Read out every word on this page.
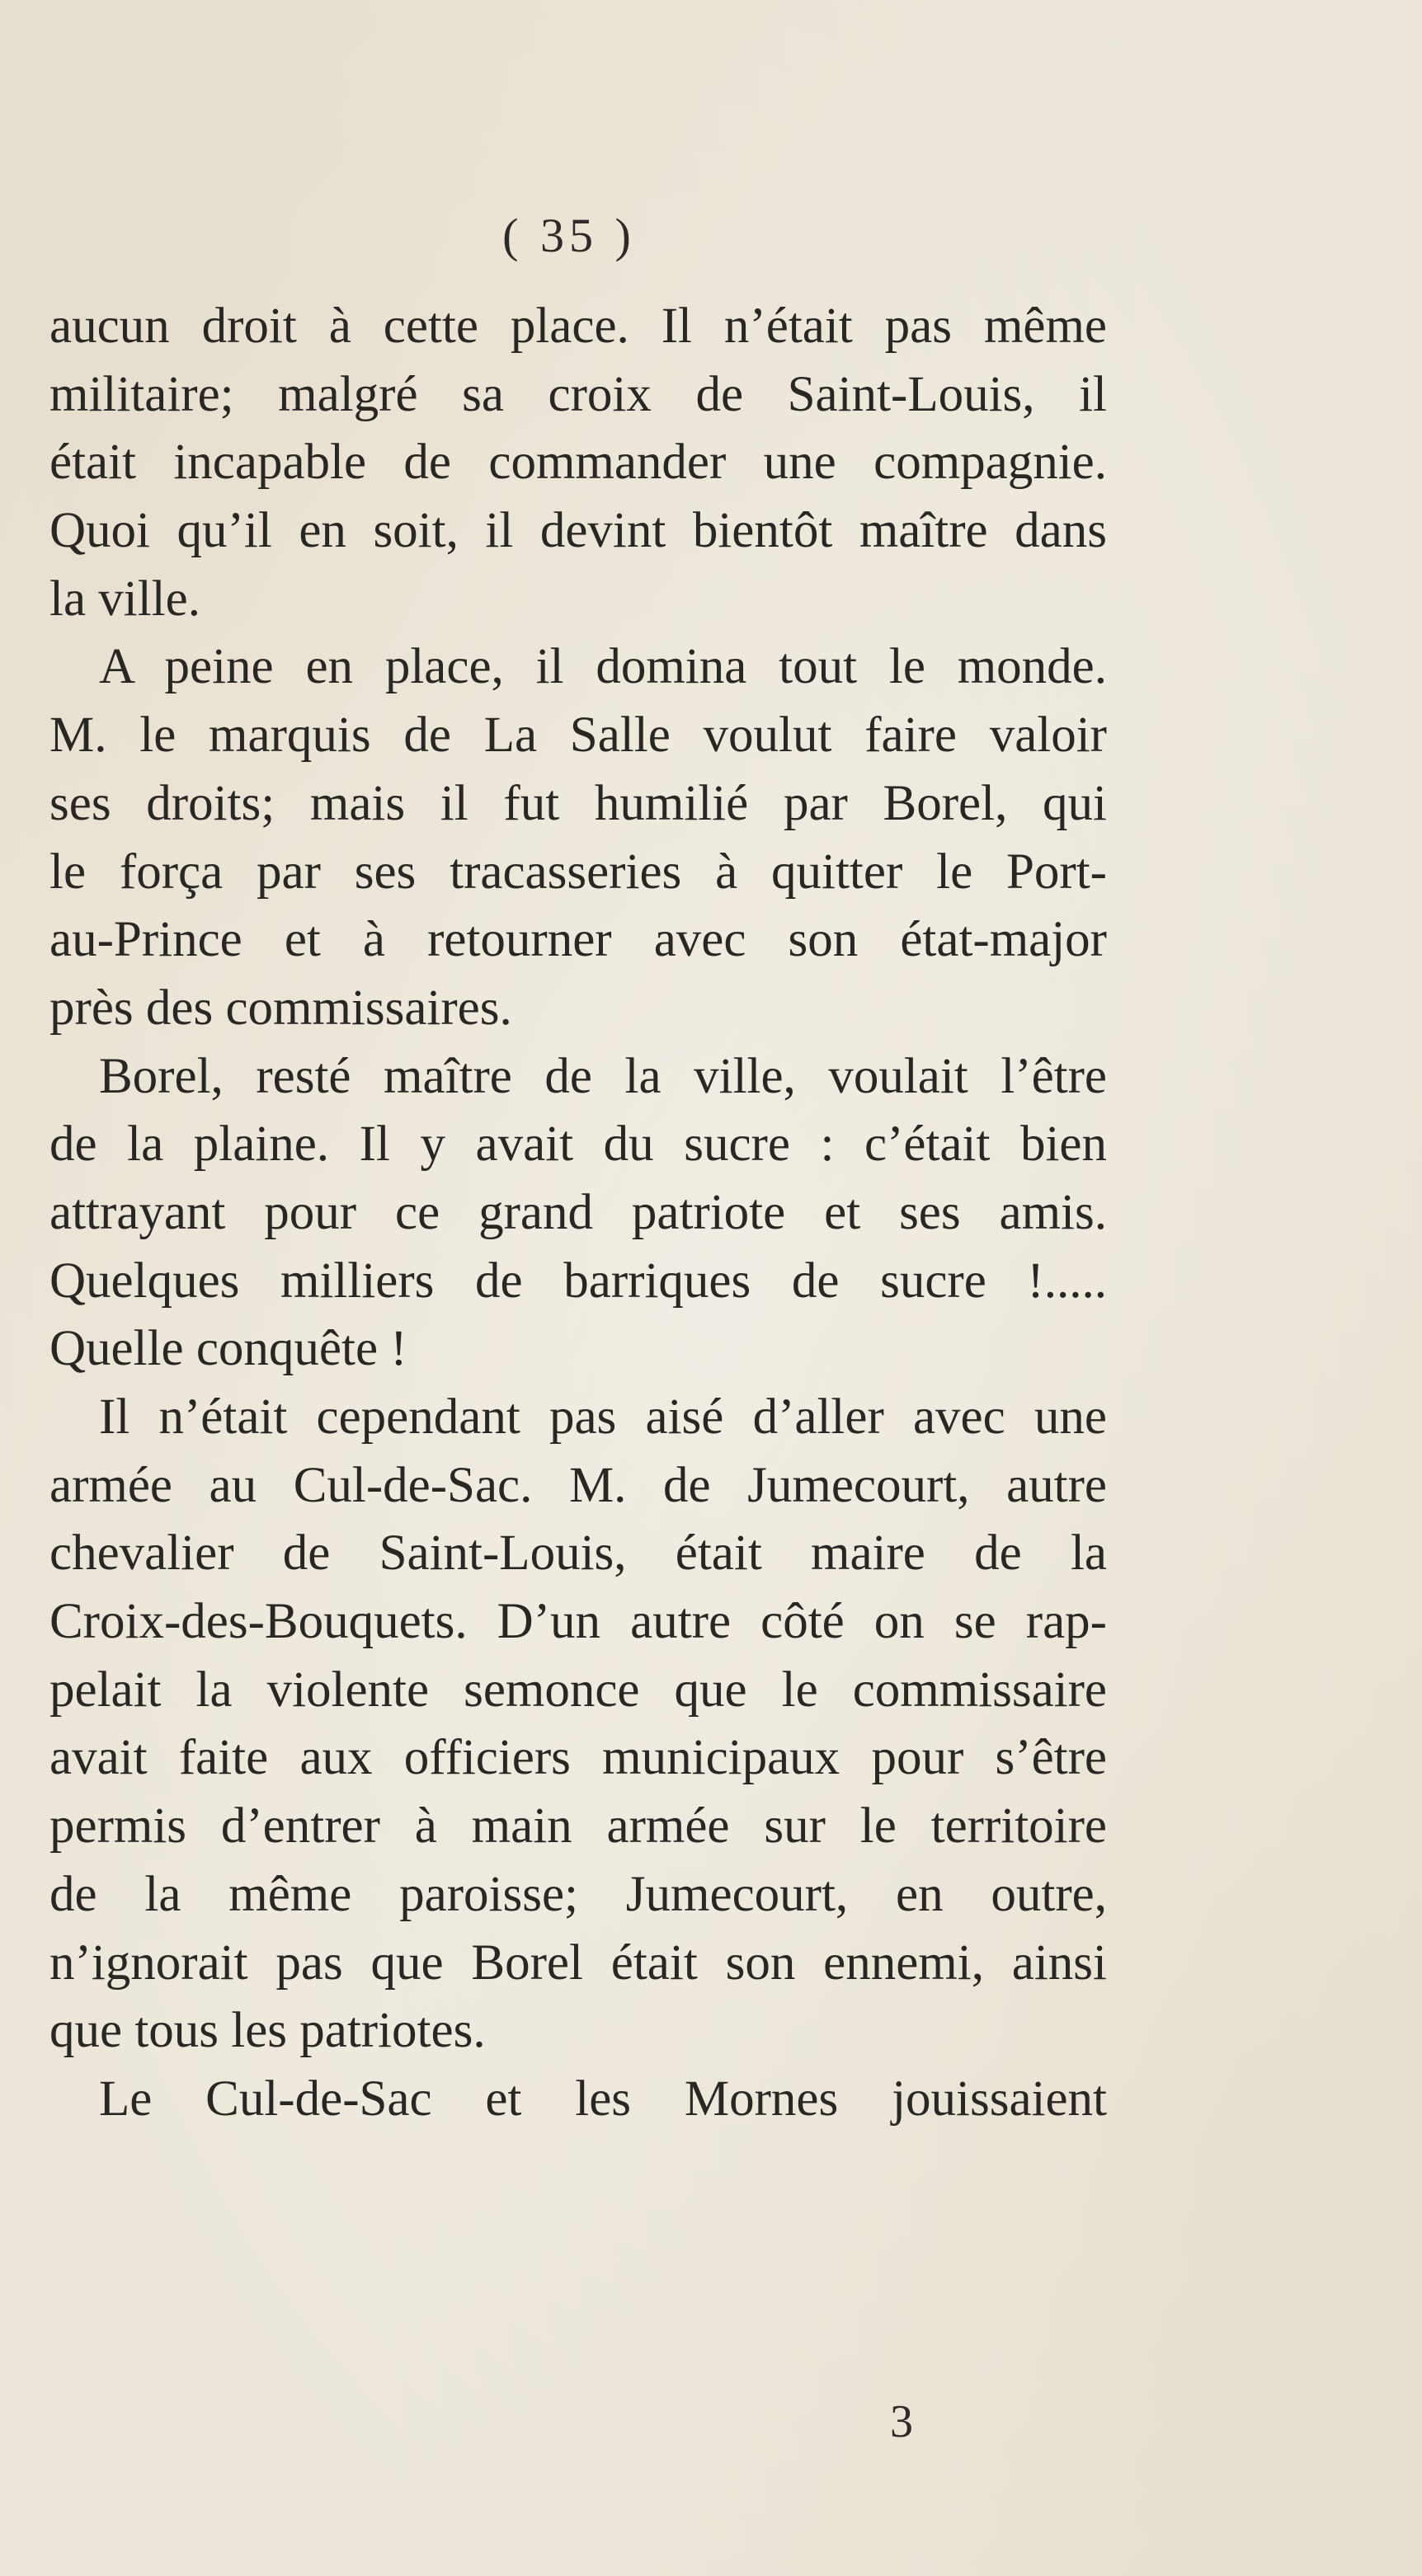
( 35 )
aucun droit à cette place. Il n’était pas même
militaire; malgré sa croix de Saint-Louis, il
était incapable de commander une compagnie.
Quoi qu’il en soit, il devint bientôt maître dans
la ville.
A peine en place, il domina tout le monde.
M. le marquis de La Salle voulut faire valoir
ses droits; mais il fut humilié par Borel, qui
le força par ses tracasseries à quitter le Port-
au-Prince et à retourner avec son état-major
près des commissaires.
Borel, resté maître de la ville, voulait l’être
de la plaine. Il y avait du sucre : c’était bien
attrayant pour ce grand patriote et ses amis.
Quelques milliers de barriques de sucre !.....
Quelle conquête !
Il n’était cependant pas aisé d’aller avec une
armée au Cul-de-Sac. M. de Jumecourt, autre
chevalier de Saint-Louis, était maire de la
Croix-des-Bouquets. D’un autre côté on se rap-
pelait la violente semonce que le commissaire
avait faite aux officiers municipaux pour s’être
permis d’entrer à main armée sur le territoire
de la même paroisse; Jumecourt, en outre,
n’ignorait pas que Borel était son ennemi, ainsi
que tous les patriotes.
Le Cul-de-Sac et les Mornes jouissaient
3
